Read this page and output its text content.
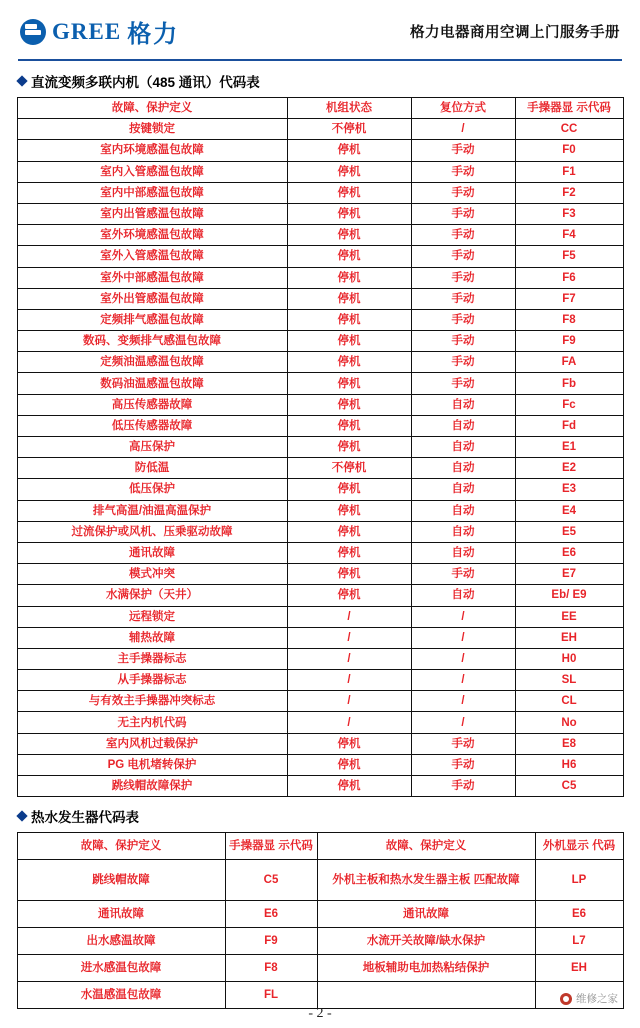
GREE 格力	格力电器商用空调上门服务手册
直流变频多联内机（485 通讯）代码表
故障、保护定义	机组状态	复位方式	手操器显 示代码
按键锁定	不停机	/	CC
室内环境感温包故障	停机	手动	F0
室内入管感温包故障	停机	手动	F1
室内中部感温包故障	停机	手动	F2
室内出管感温包故障	停机	手动	F3
室外环境感温包故障	停机	手动	F4
室外入管感温包故障	停机	手动	F5
室外中部感温包故障	停机	手动	F6
室外出管感温包故障	停机	手动	F7
定频排气感温包故障	停机	手动	F8
数码、变频排气感温包故障	停机	手动	F9
定频油温感温包故障	停机	手动	FA
数码油温感温包故障	停机	手动	Fb
高压传感器故障	停机	自动	Fc
低压传感器故障	停机	自动	Fd
高压保护	停机	自动	E1
防低温	不停机	自动	E2
低压保护	停机	自动	E3
排气高温/油温高温保护	停机	自动	E4
过流保护或风机、压乗驱动故障	停机	自动	E5
通讯故障	停机	自动	E6
模式冲突	停机	手动	E7
水满保护（天井）	停机	自动	Eb/ E9
远程锁定	/	/	EE
辅热故障	/	/	EH
主手操器标志	/	/	H0
从手操器标志	/	/	SL
与有效主手操器冲突标志	/	/	CL
无主内机代码	/	/	No
室内风机过载保护	停机	手动	E8
PG 电机堵转保护	停机	手动	H6
跳线帽故障保护	停机	手动	C5
热水发生器代码表
故障、保护定义	手操器显 示代码	故障、保护定义	外机显示 代码
跳线帽故障	C5	外机主板和热水发生器主板 匹配故障	LP
通讯故障	E6	通讯故障	E6
出水感温故障	F9	水流开关故障/缺水保护	L7
进水感温包故障	F8	地板辅助电加热粘结保护	EH
水温感温包故障	FL		
- 2 -
维修之家
